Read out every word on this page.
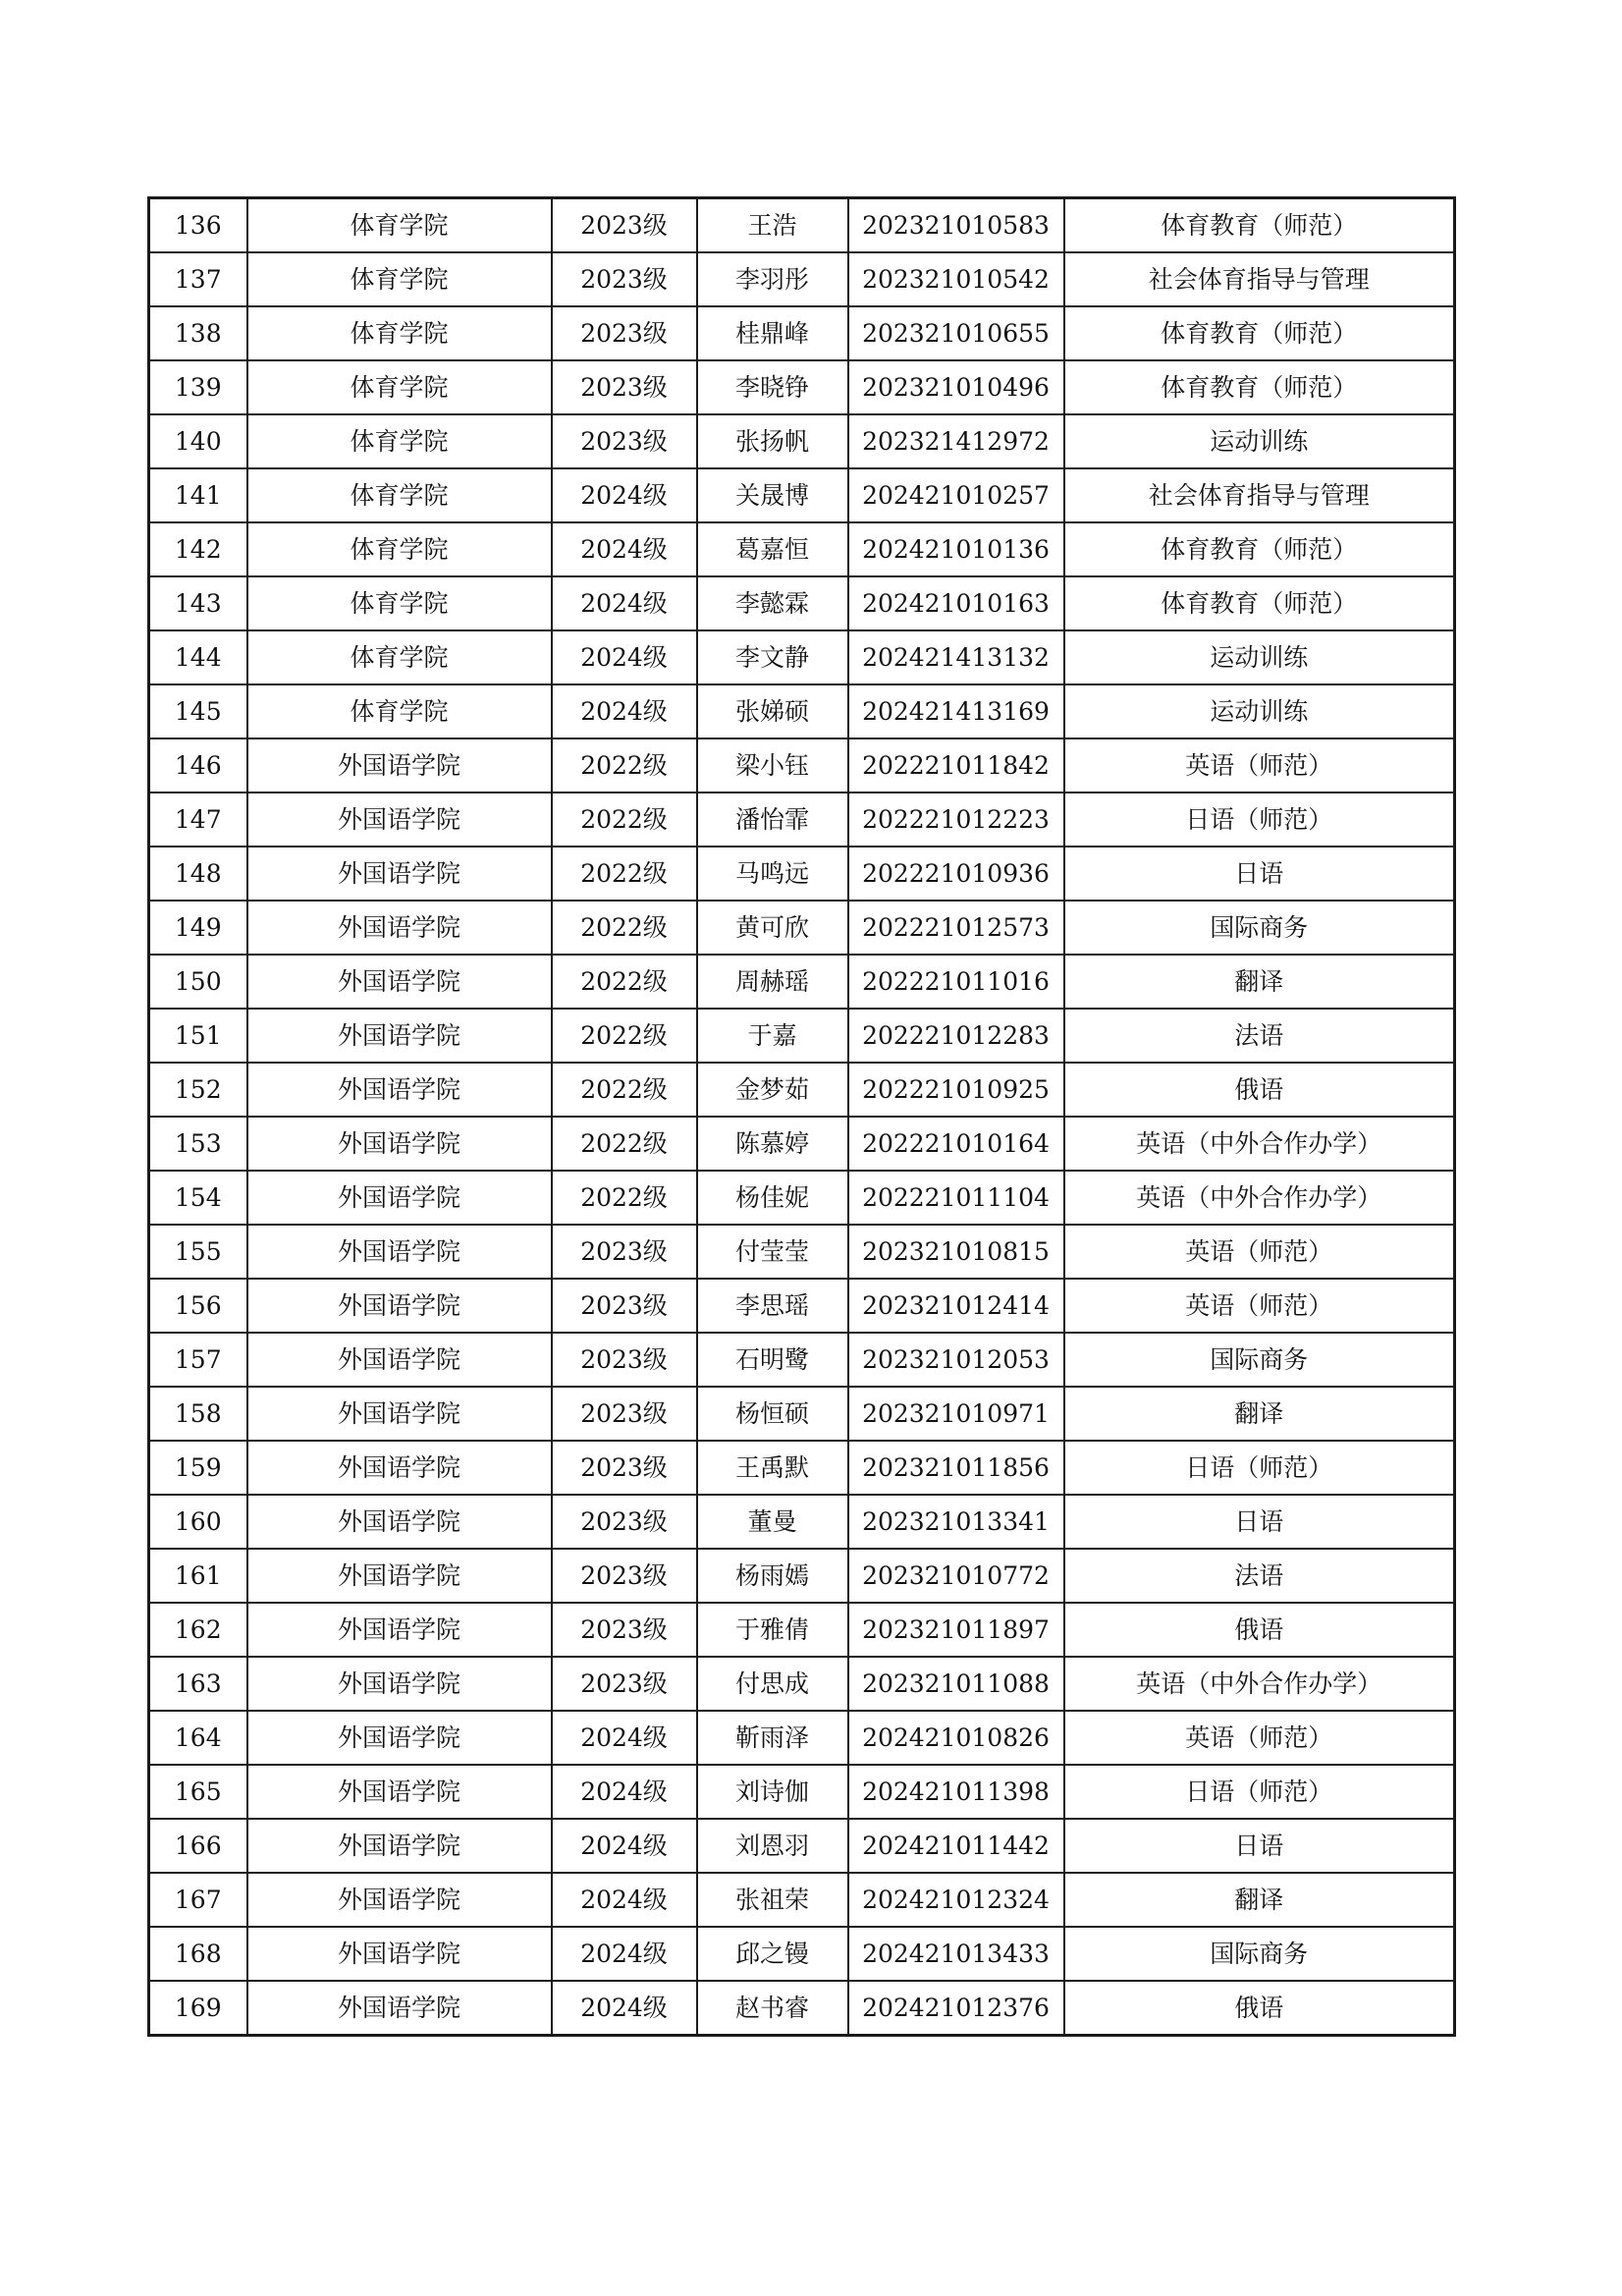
136	体育学院	2023级	王浩	202321010583	体育教育（师范）
137	体育学院	2023级	李羽彤	202321010542	社会体育指导与管理
138	体育学院	2023级	桂鼎峰	202321010655	体育教育（师范）
139	体育学院	2023级	李晓铮	202321010496	体育教育（师范）
140	体育学院	2023级	张扬帆	202321412972	运动训练
141	体育学院	2024级	关晟博	202421010257	社会体育指导与管理
142	体育学院	2024级	葛嘉恒	202421010136	体育教育（师范）
143	体育学院	2024级	李懿霖	202421010163	体育教育（师范）
144	体育学院	2024级	李文静	202421413132	运动训练
145	体育学院	2024级	张娣硕	202421413169	运动训练
146	外国语学院	2022级	梁小钰	202221011842	英语（师范）
147	外国语学院	2022级	潘怡霏	202221012223	日语（师范）
148	外国语学院	2022级	马鸣远	202221010936	日语
149	外国语学院	2022级	黄可欣	202221012573	国际商务
150	外国语学院	2022级	周赫瑶	202221011016	翻译
151	外国语学院	2022级	于嘉	202221012283	法语
152	外国语学院	2022级	金梦茹	202221010925	俄语
153	外国语学院	2022级	陈慕婷	202221010164	英语（中外合作办学）
154	外国语学院	2022级	杨佳妮	202221011104	英语（中外合作办学）
155	外国语学院	2023级	付莹莹	202321010815	英语（师范）
156	外国语学院	2023级	李思瑶	202321012414	英语（师范）
157	外国语学院	2023级	石明鹭	202321012053	国际商务
158	外国语学院	2023级	杨恒硕	202321010971	翻译
159	外国语学院	2023级	王禹默	202321011856	日语（师范）
160	外国语学院	2023级	董曼	202321013341	日语
161	外国语学院	2023级	杨雨嫣	202321010772	法语
162	外国语学院	2023级	于雅倩	202321011897	俄语
163	外国语学院	2023级	付思成	202321011088	英语（中外合作办学）
164	外国语学院	2024级	靳雨泽	202421010826	英语（师范）
165	外国语学院	2024级	刘诗伽	202421011398	日语（师范）
166	外国语学院	2024级	刘恩羽	202421011442	日语
167	外国语学院	2024级	张祖荣	202421012324	翻译
168	外国语学院	2024级	邱之镘	202421013433	国际商务
169	外国语学院	2024级	赵书睿	202421012376	俄语
